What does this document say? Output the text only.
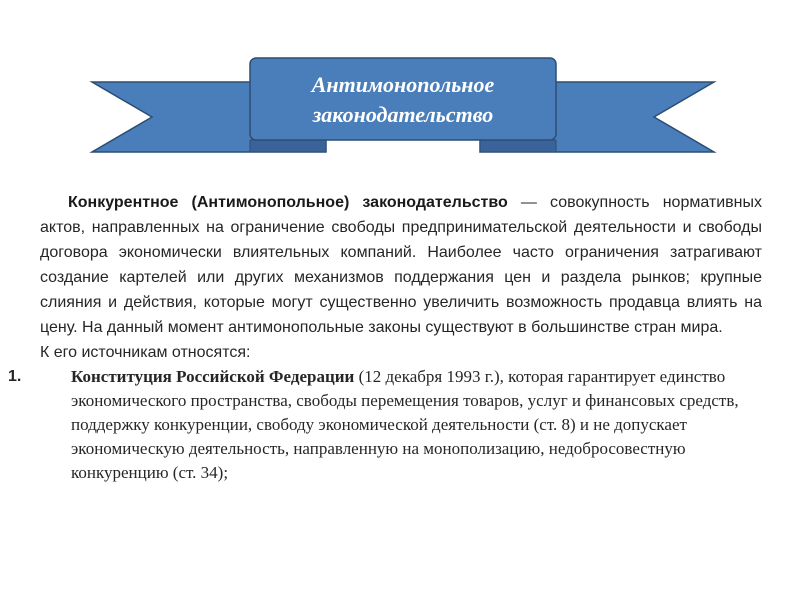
Антимонопольное
законодательство

Конкурентное (Антимонопольное) законодательство — совокупность нормативных актов, направленных на ограничение свободы предпринимательской деятельности и свободы договора экономически влиятельных компаний. Наиболее часто ограничения затрагивают создание картелей или других механизмов поддержания цен и раздела рынков; крупные слияния и действия, которые могут существенно увеличить возможность продавца влиять на цену. На данный момент антимонопольные законы существуют в большинстве стран мира.

К его источникам относятся:

1.	Конституция Российской Федерации (12 декабря 1993 г.), которая гарантирует единство экономического пространства, свободы перемещения товаров, услуг и финансовых средств, поддержку конкуренции, свободу экономической деятельности (ст. 8) и не допускает экономическую деятельность, направленную на монополизацию, недобросовестную конкуренцию (ст. 34);
